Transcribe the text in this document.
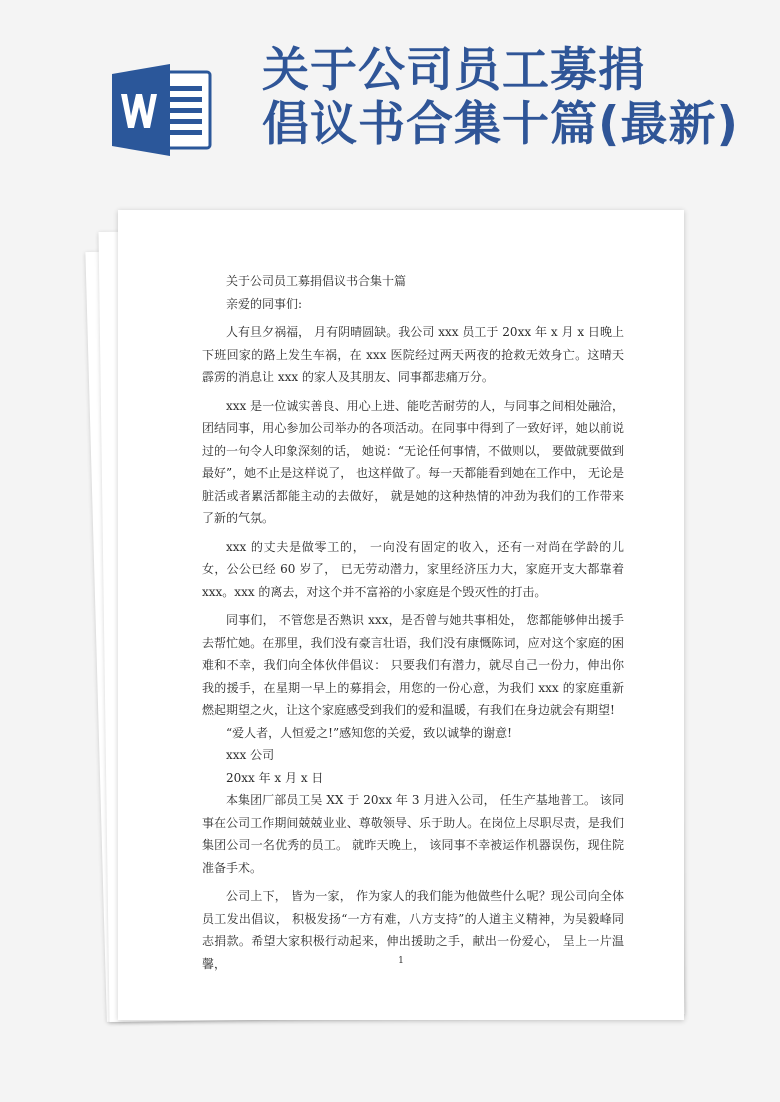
关于公司员工募捐
倡议书合集十篇(最新)

关于公司员工募捐倡议书合集十篇

亲爱的同事们:

人有旦夕祸福， 月有阴晴圆缺。我公司 xxx 员工于 20xx 年 x 月 x 日晚上下班回家的路上发生车祸，在 xxx 医院经过两天两夜的抢救无效身亡。这晴天霹雳的消息让 xxx 的家人及其朋友、同事都悲痛万分。

xxx 是一位诚实善良、用心上进、能吃苦耐劳的人，与同事之间相处融洽，团结同事，用心参加公司举办的各项活动。在同事中得到了一致好评，她以前说过的一句令人印象深刻的话， 她说：“无论任何事情，不做则以， 要做就要做到最好”，她不止是这样说了， 也这样做了。每一天都能看到她在工作中， 无论是脏活或者累活都能主动的去做好， 就是她的这种热情的冲劲为我们的工作带来了新的气氛。

xxx 的丈夫是做零工的， 一向没有固定的收入，还有一对尚在学龄的儿女，公公已经 60 岁了， 已无劳动潜力，家里经济压力大，家庭开支大都靠着 xxx。xxx 的离去，对这个并不富裕的小家庭是个毁灭性的打击。

同事们， 不管您是否熟识 xxx，是否曾与她共事相处， 您都能够伸出援手去帮忙她。在那里，我们没有豪言壮语，我们没有康慨陈词，应对这个家庭的困难和不幸，我们向全体伙伴倡议： 只要我们有潜力，就尽自己一份力，伸出你我的援手，在星期一早上的募捐会，用您的一份心意，为我们 xxx 的家庭重新燃起期望之火，让这个家庭感受到我们的爱和温暖，有我们在身边就会有期望!

“爱人者，人恒爱之!”感知您的关爱，致以诚挚的谢意!

xxx 公司

20xx 年 x 月 x 日

本集团厂部员工吴 XX 于 20xx 年 3 月进入公司， 任生产基地普工。 该同事在公司工作期间兢兢业业、尊敬领导、乐于助人。在岗位上尽职尽责，是我们集团公司一名优秀的员工。 就昨天晚上， 该同事不幸被运作机器误伤，现住院准备手术。

公司上下， 皆为一家， 作为家人的我们能为他做些什么呢？现公司向全体员工发出倡议， 积极发扬“一方有难，八方支持”的人道主义精神，为吴毅峰同志捐款。希望大家积极行动起来，伸出援助之手，献出一份爱心， 呈上一片温馨，	1
